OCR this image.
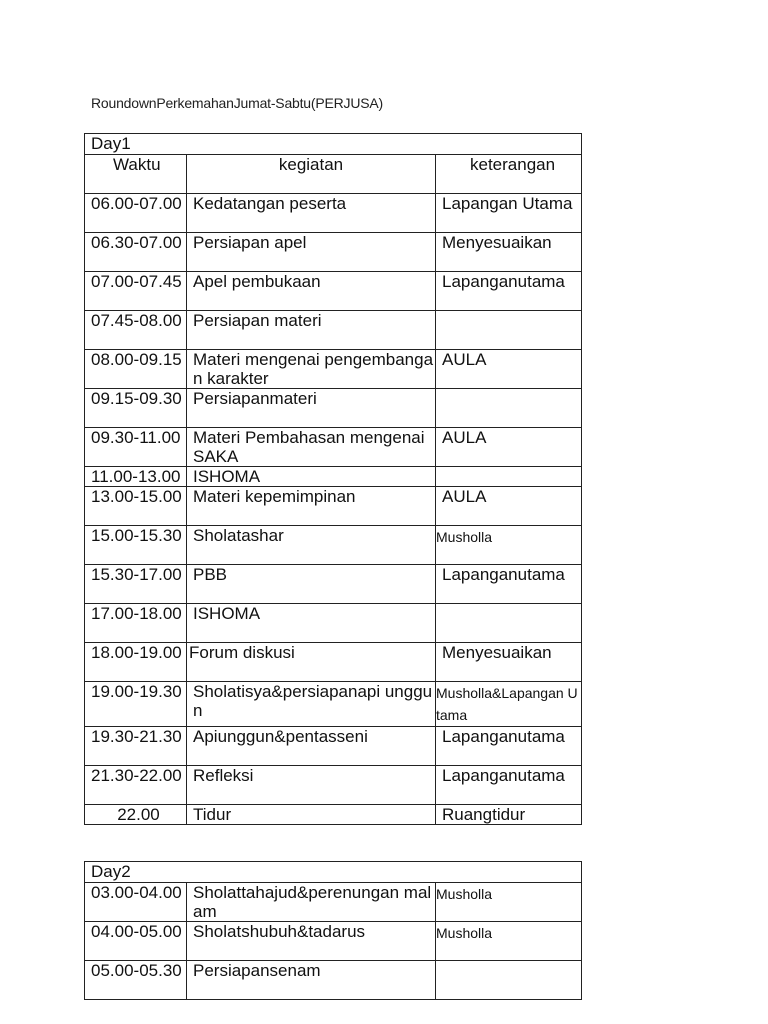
RoundownPerkemahanJumat-Sabtu(PERJUSA)
Day1		
Waktu	kegiatan	keterangan
06.00-07.00	Kedatangan peserta	Lapangan Utama
06.30-07.00	Persiapan apel	Menyesuaikan
07.00-07.45	Apel pembukaan	Lapanganutama
07.45-08.00	Persiapan materi	
08.00-09.15	Materi mengenai pengembangan karakter	AULA
09.15-09.30	Persiapanmateri	
09.30-11.00	Materi Pembahasan mengenai SAKA	AULA
11.00-13.00	ISHOMA	
13.00-15.00	Materi kepemimpinan	AULA
15.00-15.30	Sholatashar	Musholla
15.30-17.00	PBB	Lapanganutama
17.00-18.00	ISHOMA	
18.00-19.00	Forum diskusi	Menyesuaikan
19.00-19.30	Sholatisya&persiapanapi unggun	Musholla&Lapangan Utama
19.30-21.30	Apiunggun&pentasseni	Lapanganutama
21.30-22.00	Refleksi	Lapanganutama
22.00	Tidur	Ruangtidur
Day2		
03.00-04.00	Sholattahajud&perenungan malam	Musholla
04.00-05.00	Sholatshubuh&tadarus	Musholla
05.00-05.30	Persiapansenam	
